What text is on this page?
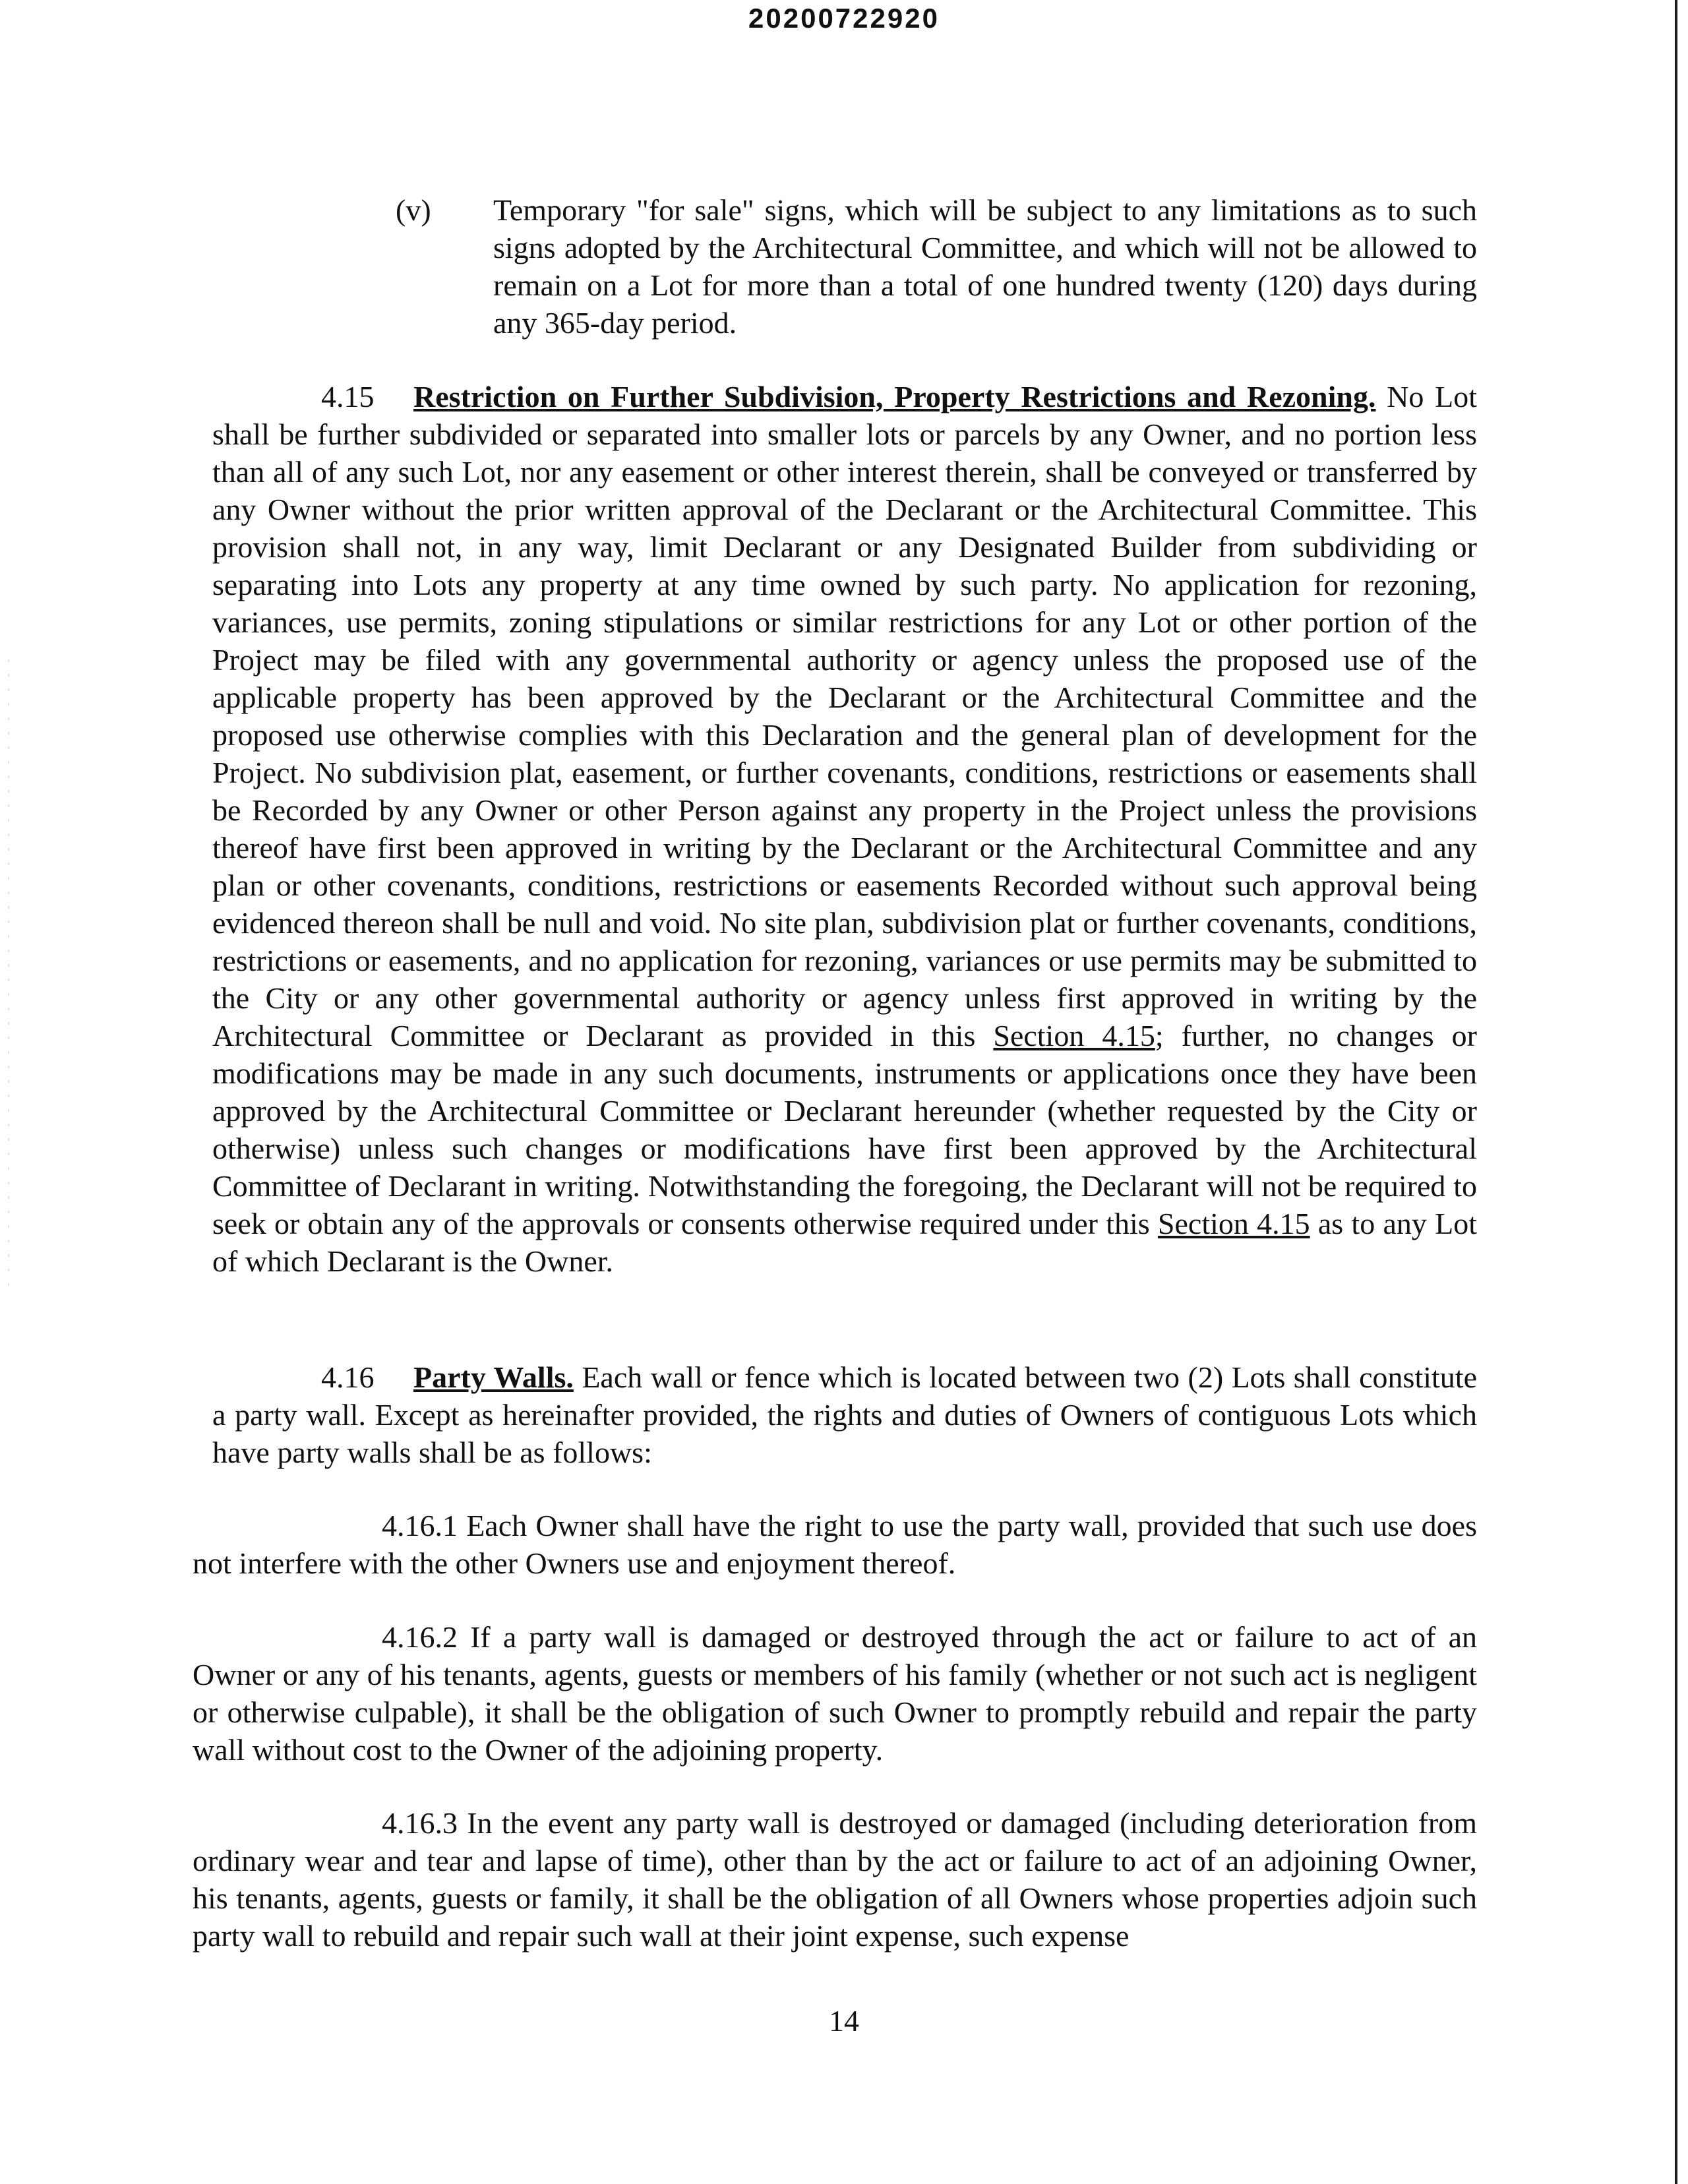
20200722920
(v) Temporary "for sale" signs, which will be subject to any limitations as to such signs adopted by the Architectural Committee, and which will not be allowed to remain on a Lot for more than a total of one hundred twenty (120) days during any 365-day period.

4.15 Restriction on Further Subdivision, Property Restrictions and Rezoning. No Lot shall be further subdivided or separated into smaller lots or parcels by any Owner, and no portion less than all of any such Lot, nor any easement or other interest therein, shall be conveyed or transferred by any Owner without the prior written approval of the Declarant or the Architectural Committee. This provision shall not, in any way, limit Declarant or any Designated Builder from subdividing or separating into Lots any property at any time owned by such party. No application for rezoning, variances, use permits, zoning stipulations or similar restrictions for any Lot or other portion of the Project may be filed with any governmental authority or agency unless the proposed use of the applicable property has been approved by the Declarant or the Architectural Committee and the proposed use otherwise complies with this Declaration and the general plan of development for the Project. No subdivision plat, easement, or further covenants, conditions, restrictions or easements shall be Recorded by any Owner or other Person against any property in the Project unless the provisions thereof have first been approved in writing by the Declarant or the Architectural Committee and any plan or other covenants, conditions, restrictions or easements Recorded without such approval being evidenced thereon shall be null and void. No site plan, subdivision plat or further covenants, conditions, restrictions or easements, and no application for rezoning, variances or use permits may be submitted to the City or any other governmental authority or agency unless first approved in writing by the Architectural Committee or Declarant as provided in this Section 4.15; further, no changes or modifications may be made in any such documents, instruments or applications once they have been approved by the Architectural Committee or Declarant hereunder (whether requested by the City or otherwise) unless such changes or modifications have first been approved by the Architectural Committee of Declarant in writing. Notwithstanding the foregoing, the Declarant will not be required to seek or obtain any of the approvals or consents otherwise required under this Section 4.15 as to any Lot of which Declarant is the Owner.

4.16 Party Walls. Each wall or fence which is located between two (2) Lots shall constitute a party wall. Except as hereinafter provided, the rights and duties of Owners of contiguous Lots which have party walls shall be as follows:

4.16.1 Each Owner shall have the right to use the party wall, provided that such use does not interfere with the other Owners use and enjoyment thereof.

4.16.2 If a party wall is damaged or destroyed through the act or failure to act of an Owner or any of his tenants, agents, guests or members of his family (whether or not such act is negligent or otherwise culpable), it shall be the obligation of such Owner to promptly rebuild and repair the party wall without cost to the Owner of the adjoining property.

4.16.3 In the event any party wall is destroyed or damaged (including deterioration from ordinary wear and tear and lapse of time), other than by the act or failure to act of an adjoining Owner, his tenants, agents, guests or family, it shall be the obligation of all Owners whose properties adjoin such party wall to rebuild and repair such wall at their joint expense, such expense

14
